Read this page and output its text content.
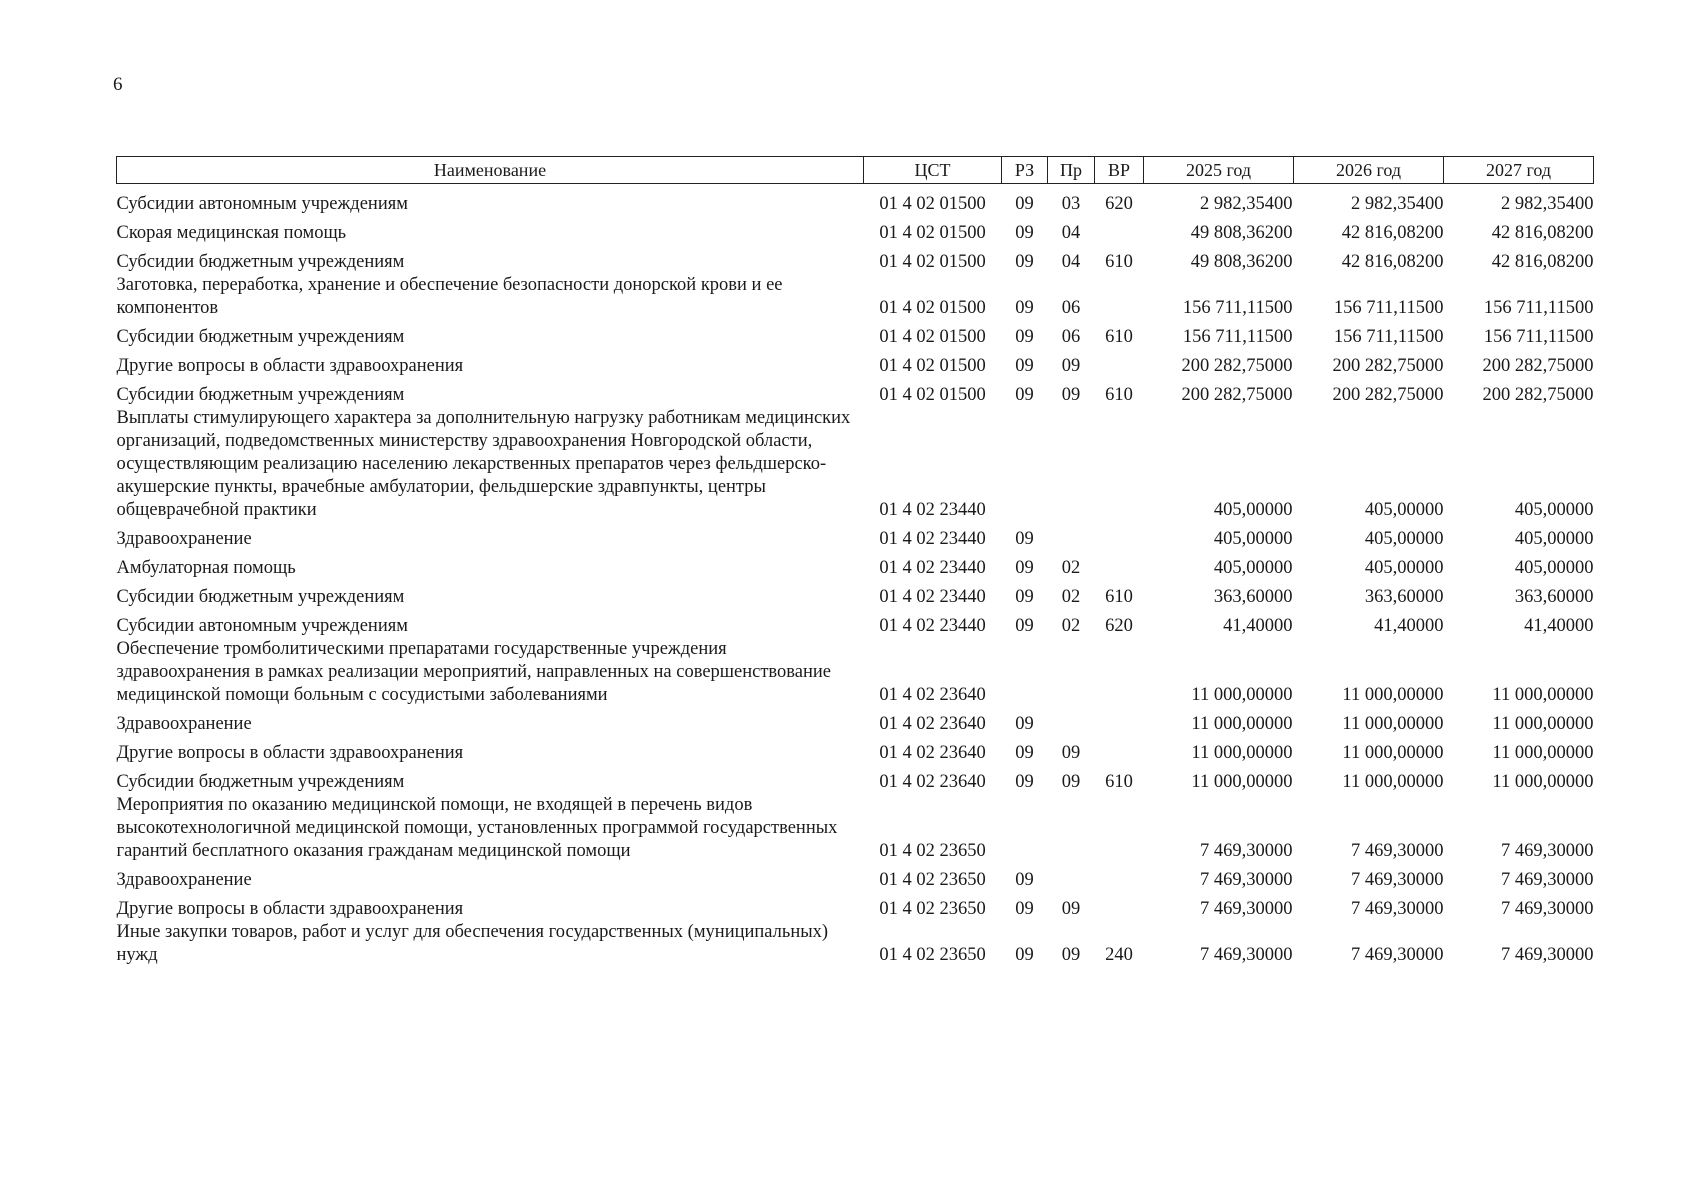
6
Наименование	ЦСТ	РЗ	Пр	ВР	2025 год	2026 год	2027 год
Субсидии автономным учреждениям	01 4 02 01500	09	03	620	2 982,35400	2 982,35400	2 982,35400
Скорая медицинская помощь	01 4 02 01500	09	04		49 808,36200	42 816,08200	42 816,08200
Субсидии бюджетным учреждениям	01 4 02 01500	09	04	610	49 808,36200	42 816,08200	42 816,08200
Заготовка, переработка, хранение и обеспечение безопасности донорской крови и ее компонентов	01 4 02 01500	09	06		156 711,11500	156 711,11500	156 711,11500
Субсидии бюджетным учреждениям	01 4 02 01500	09	06	610	156 711,11500	156 711,11500	156 711,11500
Другие вопросы в области здравоохранения	01 4 02 01500	09	09		200 282,75000	200 282,75000	200 282,75000
Субсидии бюджетным учреждениям	01 4 02 01500	09	09	610	200 282,75000	200 282,75000	200 282,75000
Выплаты стимулирующего характера за дополнительную нагрузку работникам медицинских организаций, подведомственных министерству здравоохранения Новгородской области, осуществляющим реализацию населению лекарственных препаратов через фельдшерско-акушерские пункты, врачебные амбулатории, фельдшерские здравпункты, центры общеврачебной практики	01 4 02 23440				405,00000	405,00000	405,00000
Здравоохранение	01 4 02 23440	09			405,00000	405,00000	405,00000
Амбулаторная помощь	01 4 02 23440	09	02		405,00000	405,00000	405,00000
Субсидии бюджетным учреждениям	01 4 02 23440	09	02	610	363,60000	363,60000	363,60000
Субсидии автономным учреждениям	01 4 02 23440	09	02	620	41,40000	41,40000	41,40000
Обеспечение тромболитическими препаратами государственные учреждения здравоохранения в рамках реализации мероприятий, направленных на совершенствование медицинской помощи больным с сосудистыми заболеваниями	01 4 02 23640				11 000,00000	11 000,00000	11 000,00000
Здравоохранение	01 4 02 23640	09			11 000,00000	11 000,00000	11 000,00000
Другие вопросы в области здравоохранения	01 4 02 23640	09	09		11 000,00000	11 000,00000	11 000,00000
Субсидии бюджетным учреждениям	01 4 02 23640	09	09	610	11 000,00000	11 000,00000	11 000,00000
Мероприятия по оказанию медицинской помощи, не входящей в перечень видов высокотехнологичной медицинской помощи, установленных программой государственных гарантий бесплатного оказания гражданам медицинской помощи	01 4 02 23650				7 469,30000	7 469,30000	7 469,30000
Здравоохранение	01 4 02 23650	09			7 469,30000	7 469,30000	7 469,30000
Другие вопросы в области здравоохранения	01 4 02 23650	09	09		7 469,30000	7 469,30000	7 469,30000
Иные закупки товаров, работ и услуг для обеспечения государственных (муниципальных) нужд	01 4 02 23650	09	09	240	7 469,30000	7 469,30000	7 469,30000
